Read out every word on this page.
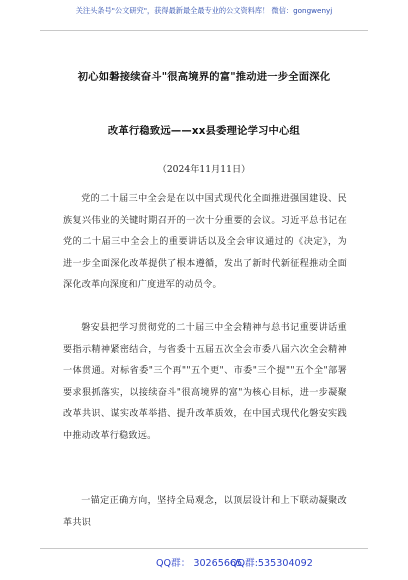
关注头条号"公文研究"，获得最新最全最专业的公文资料库！ 微信：gongwenyj
初心如磐接续奋斗"很高境界的富"推动进一步全面深化
改革行稳致远——xx县委理论学习中心组
（2024年11月11日）

党的二十届三中全会是在以中国式现代化全面推进强国建设、民族复兴伟业的关键时期召开的一次十分重要的会议。习近平总书记在党的二十届三中全会上的重要讲话以及全会审议通过的《决定》，为进一步全面深化改革提供了根本遵循，发出了新时代新征程推动全面深化改革向深度和广度进军的动员令。

磐安县把学习贯彻党的二十届三中全会精神与总书记重要讲话重要指示精神紧密结合，与省委十五届五次全会市委八届六次全会精神一体贯通。对标省委"三个再""五个更"、市委"三个提""五个全"部署要求狠抓落实，以接续奋斗"很高境界的富"为核心目标，进一步凝聚改革共识、谋实改革举措、提升改革质效，在中国式现代化磐安实践中推动改革行稳致远。

一锚定正确方向，坚持全局观念，以顶层设计和上下联动凝聚改革共识

QQ群： 30265665
QQ群:535304092
